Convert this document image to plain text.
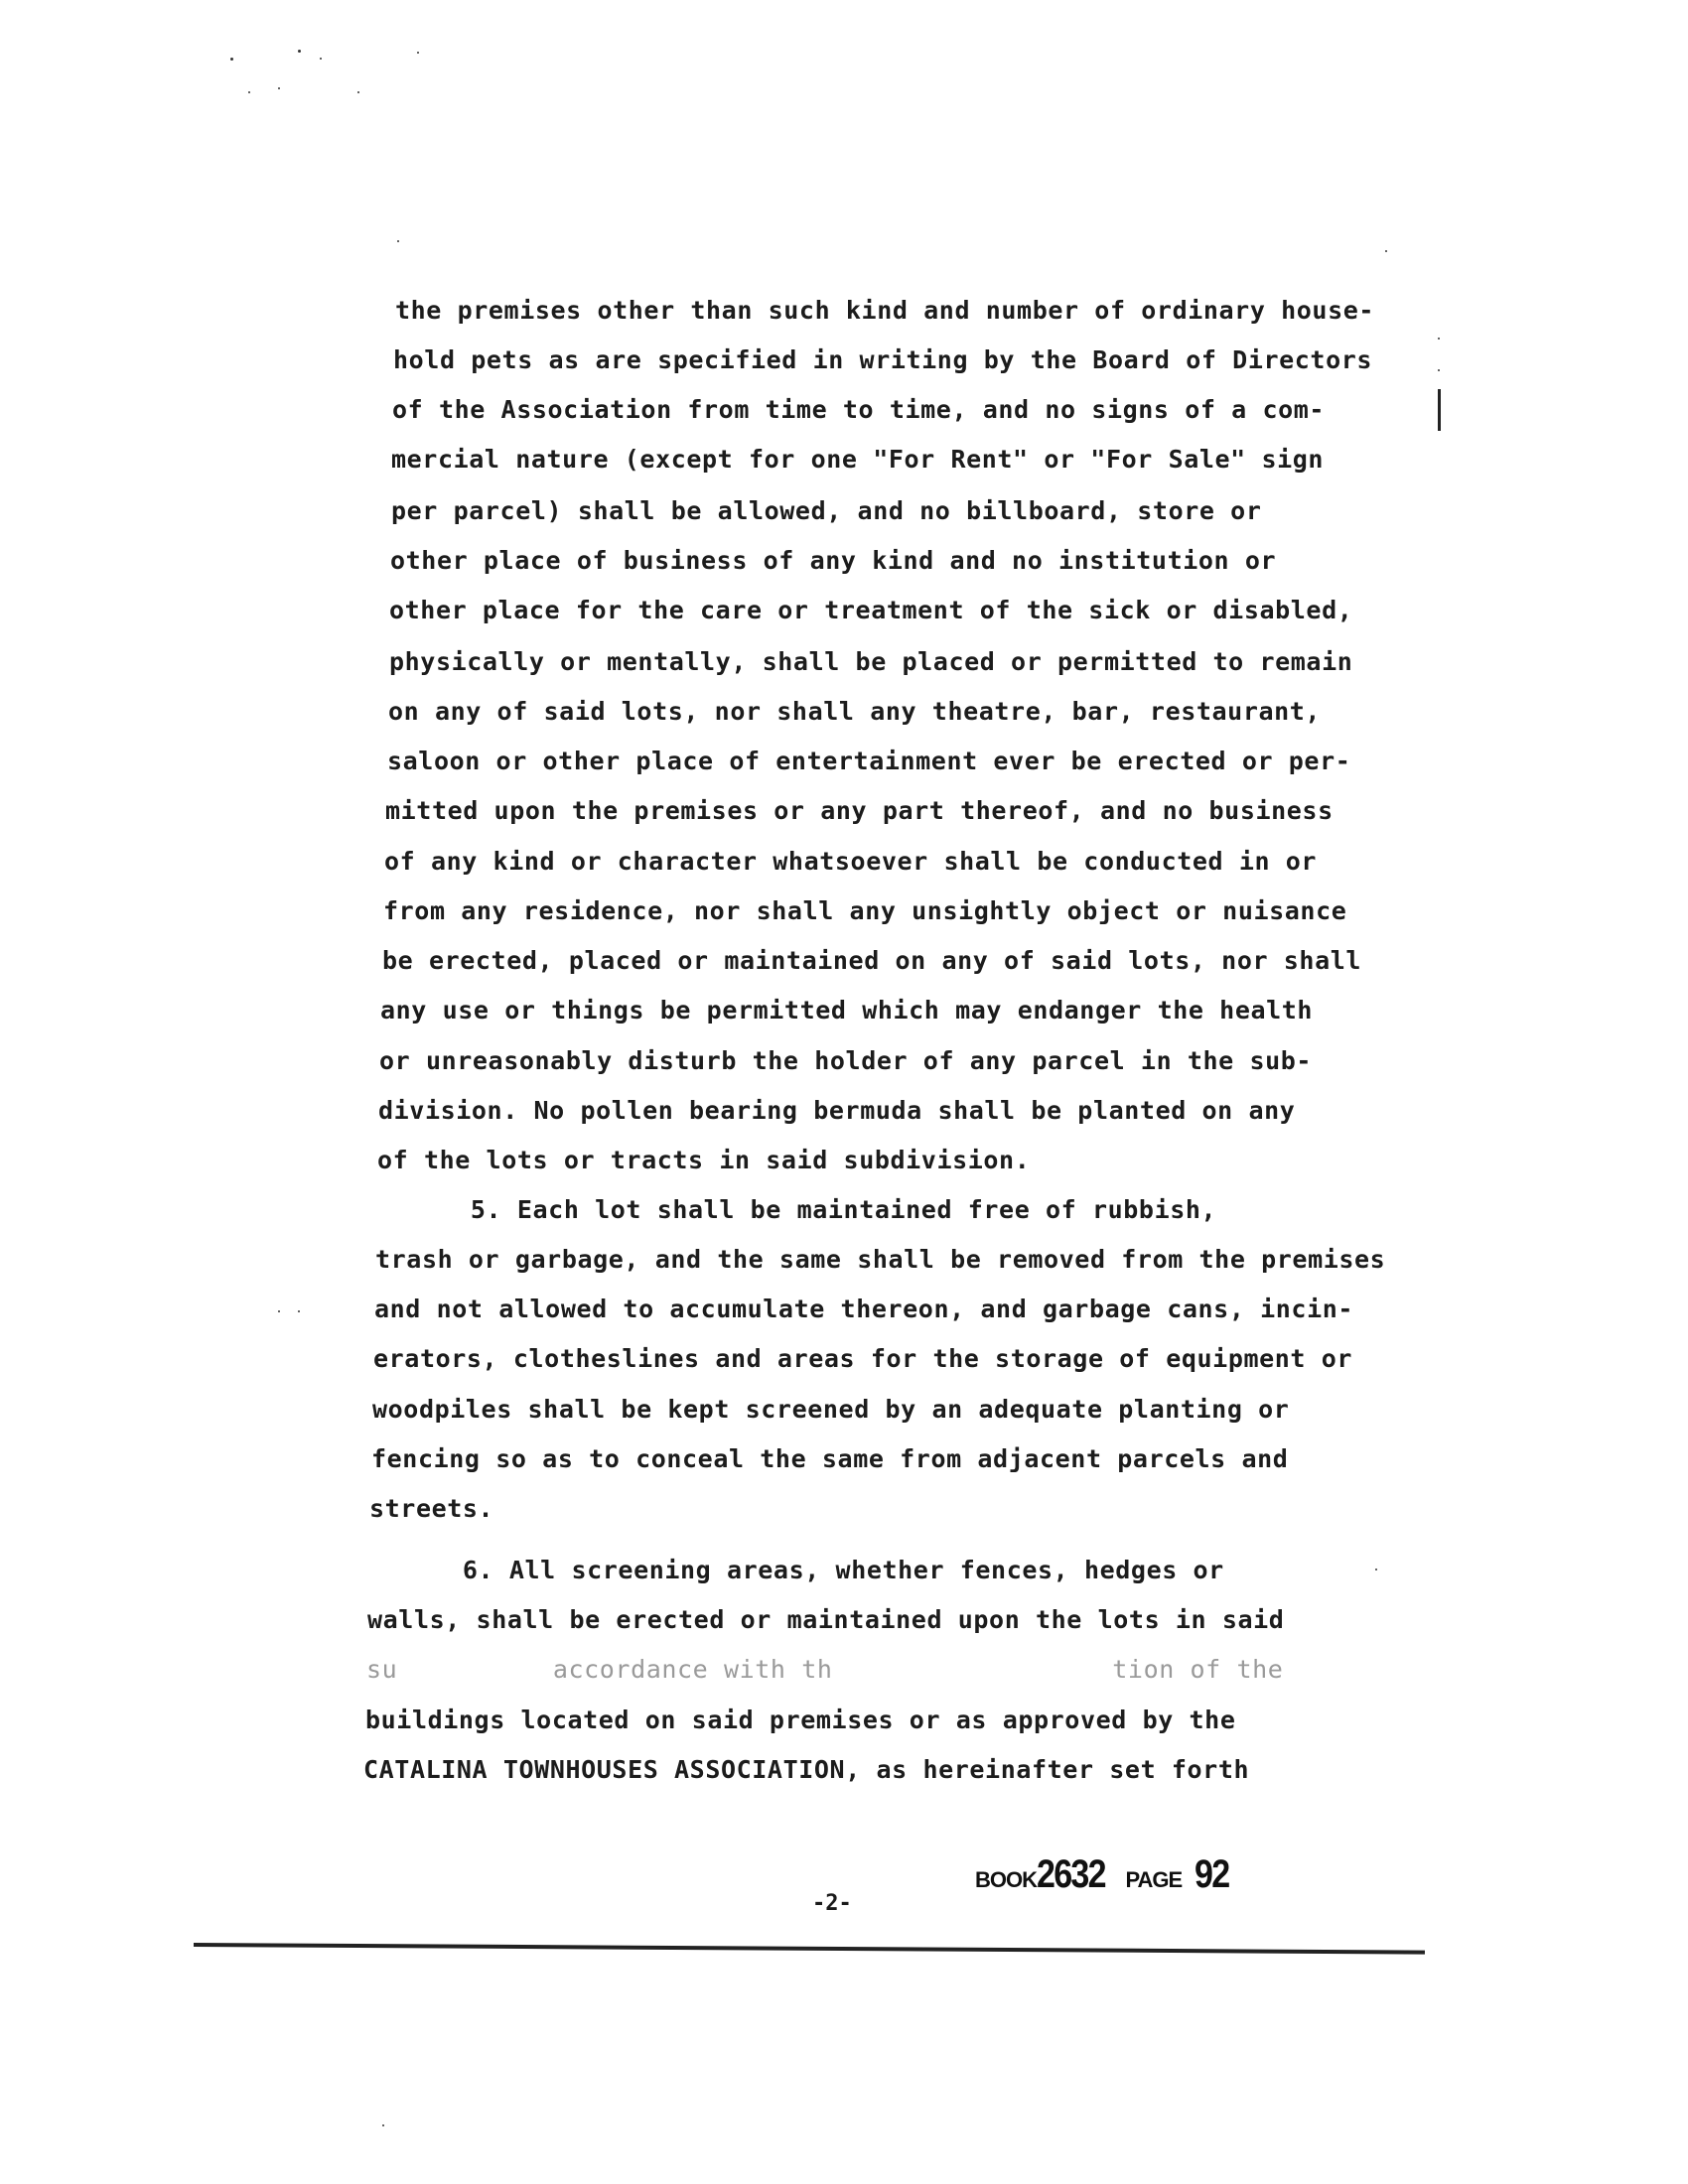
the premises other than such kind and number of ordinary house-
hold pets as are specified in writing by the Board of Directors
of the Association from time to time, and no signs of a com-
mercial nature (except for one "For Rent" or "For Sale" sign
per parcel) shall be allowed, and no billboard, store or
other place of business of any kind and no institution or
other place for the care or treatment of the sick or disabled,
physically or mentally, shall be placed or permitted to remain
on any of said lots, nor shall any theatre, bar, restaurant,
saloon or other place of entertainment ever be erected or per-
mitted upon the premises or any part thereof, and no business
of any kind or character whatsoever shall be conducted in or
from any residence, nor shall any unsightly object or nuisance
be erected, placed or maintained on any of said lots, nor shall
any use or things be permitted which may endanger the health
or unreasonably disturb the holder of any parcel in the sub-
division. No pollen bearing bermuda shall be planted on any
of the lots or tracts in said subdivision.
5. Each lot shall be maintained free of rubbish,
trash or garbage, and the same shall be removed from the premises
and not allowed to accumulate thereon, and garbage cans, incin-
erators, clotheslines and areas for the storage of equipment or
woodpiles shall be kept screened by an adequate planting or
fencing so as to conceal the same from adjacent parcels and
streets.
6. All screening areas, whether fences, hedges or
walls, shall be erected or maintained upon the lots in said
su          accordance with th                  tion of the
buildings located on said premises or as approved by the
CATALINA TOWNHOUSES ASSOCIATION, as hereinafter set forth
-2-
BOOK2632 PAGE 92
